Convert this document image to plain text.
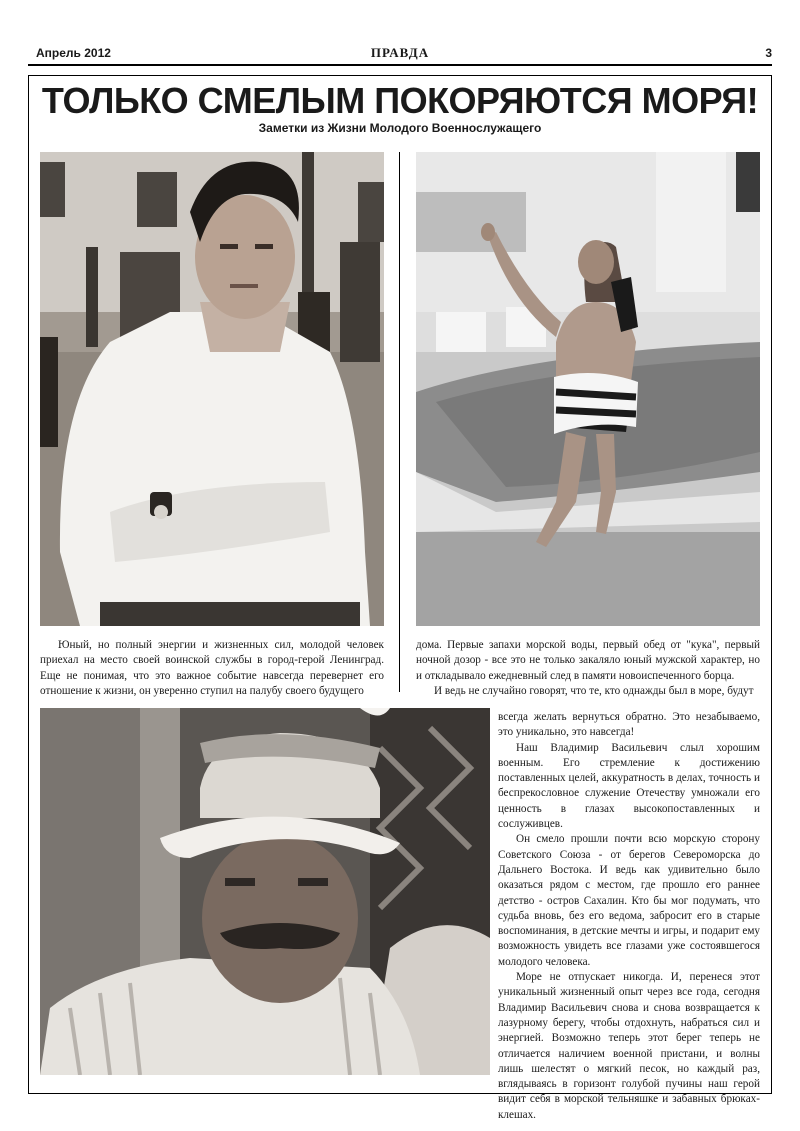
Апрель 2012	ПРАВДА	3
ТОЛЬКО СМЕЛЫМ ПОКОРЯЮТСЯ МОРЯ!
Заметки из Жизни Молодого Военнослужащего

Юный, но полный энергии и жизненных сил, молодой человек приехал на место своей воинской службы в город-герой Ленинград. Еще не понимая, что это важное событие навсегда перевернет его отношение к жизни, он уверенно ступил на палубу своего будущего

дома. Первые запахи морской воды, первый обед от "кука", первый ночной дозор - все это не только закаляло юный мужской характер, но и откладывало ежедневный след в памяти новоиспеченного борца.

И ведь не случайно говорят, что те, кто однажды был в море, будут

всегда желать вернуться обратно. Это незабываемо, это уникально, это навсегда!

Наш Владимир Васильевич слыл хорошим военным. Его стремление к достижению поставленных целей, аккуратность в делах, точность и беспрекословное служение Отечеству умножали его ценность в глазах высокопоставленных и сослуживцев.

Он смело прошли почти всю морскую сторону Советского Союза - от берегов Североморска до Дальнего Востока. И ведь как удивительно было оказаться рядом с местом, где прошло его раннее детство - остров Сахалин. Кто бы мог подумать, что судьба вновь, без его ведома, забросит его в старые воспоминания, в детские мечты и игры, и подарит ему возможность увидеть все глазами уже состоявшегося молодого человека.

Море не отпускает никогда. И, перенеся этот уникальный жизненный опыт через все года, сегодня Владимир Васильевич снова и снова возвращается к лазурному берегу, чтобы отдохнуть, набраться сил и энергией. Возможно теперь этот берег теперь не отличается наличием военной пристани, и волны лишь шелестят о мягкий песок, но каждый раз, вглядываясь в горизонт голубой пучины наш герой видит себя в морской тельняшке и забавных брюках-клешах.
